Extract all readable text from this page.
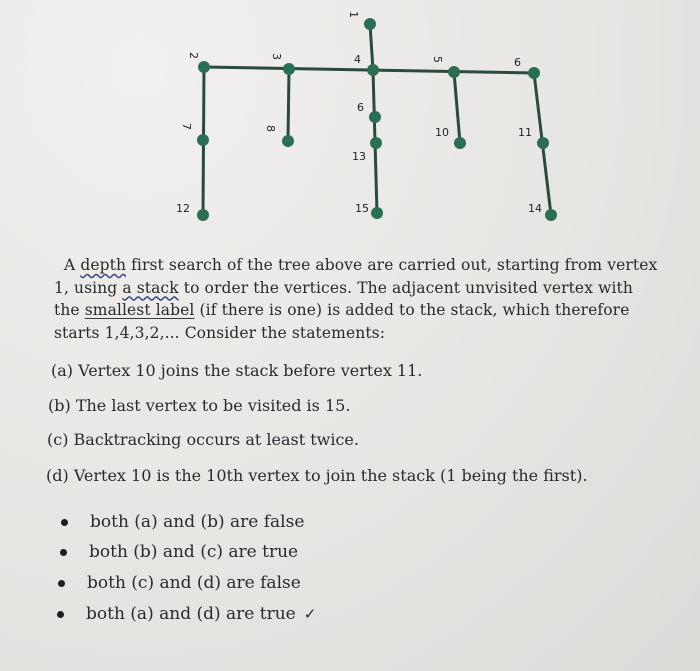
1
2	3	4	5	6
7	8
9
10	11
12
13
14
15
A depth first search of the tree above are carried out, starting from vertex
1, using a stack to order the vertices. The adjacent unvisited vertex with
the smallest label (if there is one) is added to the stack, which therefore
starts 1,4,3,2,... Consider the statements:
(a) Vertex 10 joins the stack before vertex 11.
(b) The last vertex to be visited is 15.
(c) Backtracking occurs at least twice.
(d) Vertex 10 is the 10th vertex to join the stack (1 being the first).
both (a) and (b) are false
both (b) and (c) are true
both (c) and (d) are false
both (a) and (d) are true ✓
